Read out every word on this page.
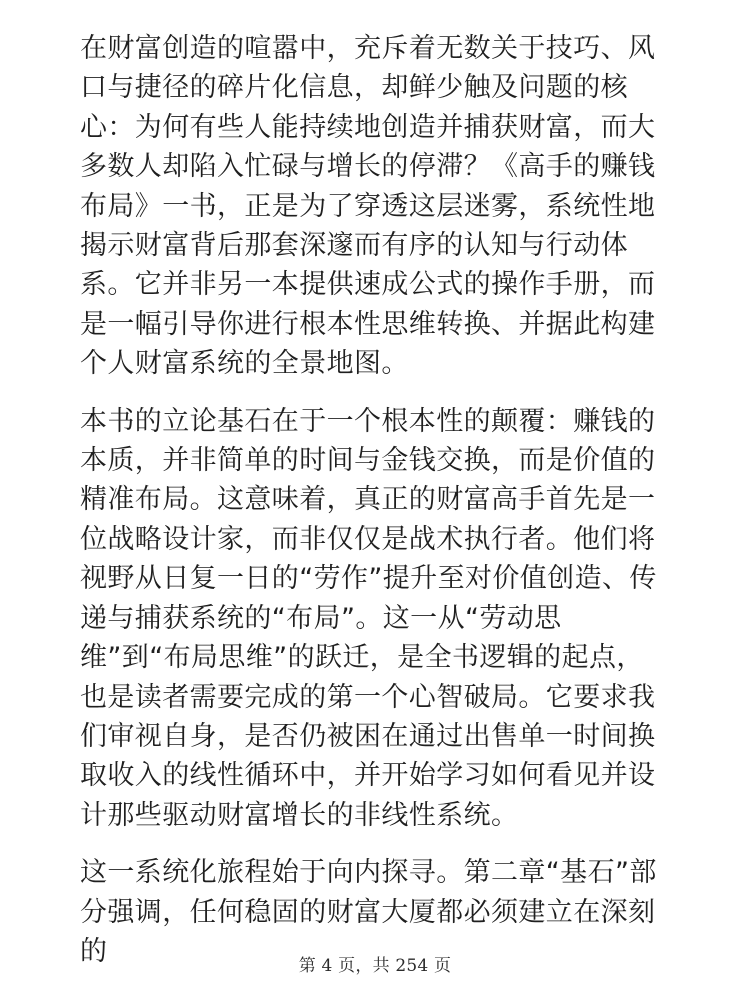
在财富创造的喧嚣中，充斥着无数关于技巧、风口与捷径的碎片化信息，却鲜少触及问题的核心：为何有些人能持续地创造并捕获财富，而大多数人却陷入忙碌与增长的停滞？《高手的赚钱布局》一书，正是为了穿透这层迷雾，系统性地揭示财富背后那套深邃而有序的认知与行动体系。它并非另一本提供速成公式的操作手册，而是一幅引导你进行根本性思维转换、并据此构建个人财富系统的全景地图。

本书的立论基石在于一个根本性的颠覆：赚钱的本质，并非简单的时间与金钱交换，而是价值的精准布局。这意味着，真正的财富高手首先是一位战略设计家，而非仅仅是战术执行者。他们将视野从日复一日的“劳作”提升至对价值创造、传递与捕获系统的“布局”。这一从“劳动思维”到“布局思维”的跃迁，是全书逻辑的起点，也是读者需要完成的第一个心智破局。它要求我们审视自身，是否仍被困在通过出售单一时间换取收入的线性循环中，并开始学习如何看见并设计那些驱动财富增长的非线性系统。

这一系统化旅程始于向内探寻。第二章“基石”部分强调，任何稳固的财富大厦都必须建立在深刻的	第 4 页，共 254 页
